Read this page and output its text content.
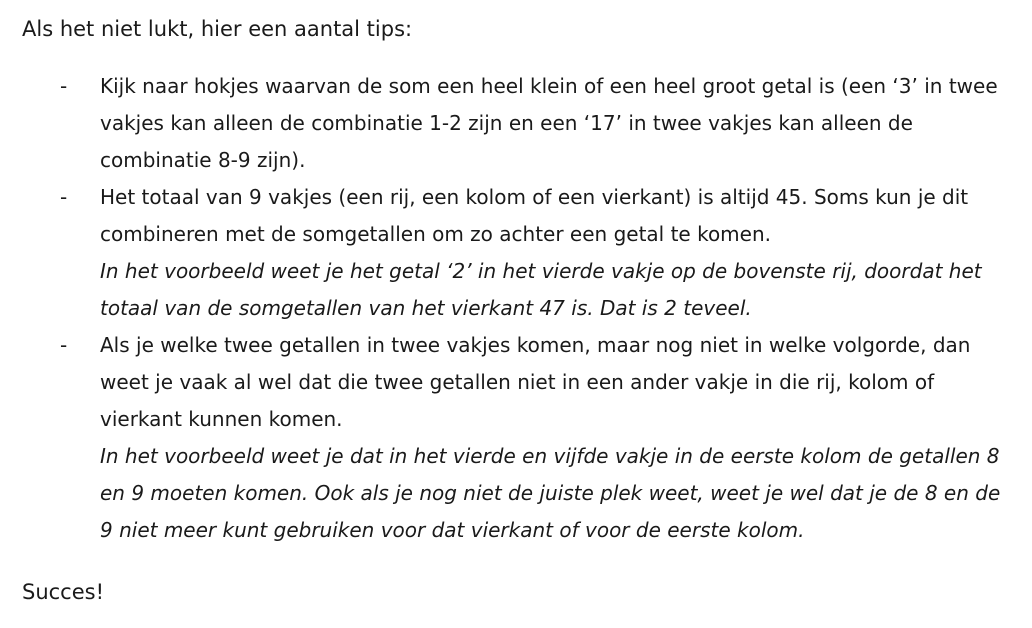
Als het niet lukt, hier een aantal tips:
-	Kijk naar hokjes waarvan de som een heel klein of een heel groot getal is (een ‘3’ in twee vakjes kan alleen de combinatie 1-2 zijn en een ‘17’ in twee vakjes kan alleen de combinatie 8-9 zijn).

-	Het totaal van 9 vakjes (een rij, een kolom of een vierkant) is altijd 45. Soms kun je dit combineren met de somgetallen om zo achter een getal te komen.

In het voorbeeld weet je het getal ‘2’ in het vierde vakje op de bovenste rij, doordat het totaal van de somgetallen van het vierkant 47 is. Dat is 2 teveel.

-	Als je welke twee getallen in twee vakjes komen, maar nog niet in welke volgorde, dan weet je vaak al wel dat die twee getallen niet in een ander vakje in die rij, kolom of vierkant kunnen komen.

In het voorbeeld weet je dat in het vierde en vijfde vakje in de eerste kolom de getallen 8 en 9 moeten komen. Ook als je nog niet de juiste plek weet, weet je wel dat je de 8 en de 9 niet meer kunt gebruiken voor dat vierkant of voor de eerste kolom.

Succes!
